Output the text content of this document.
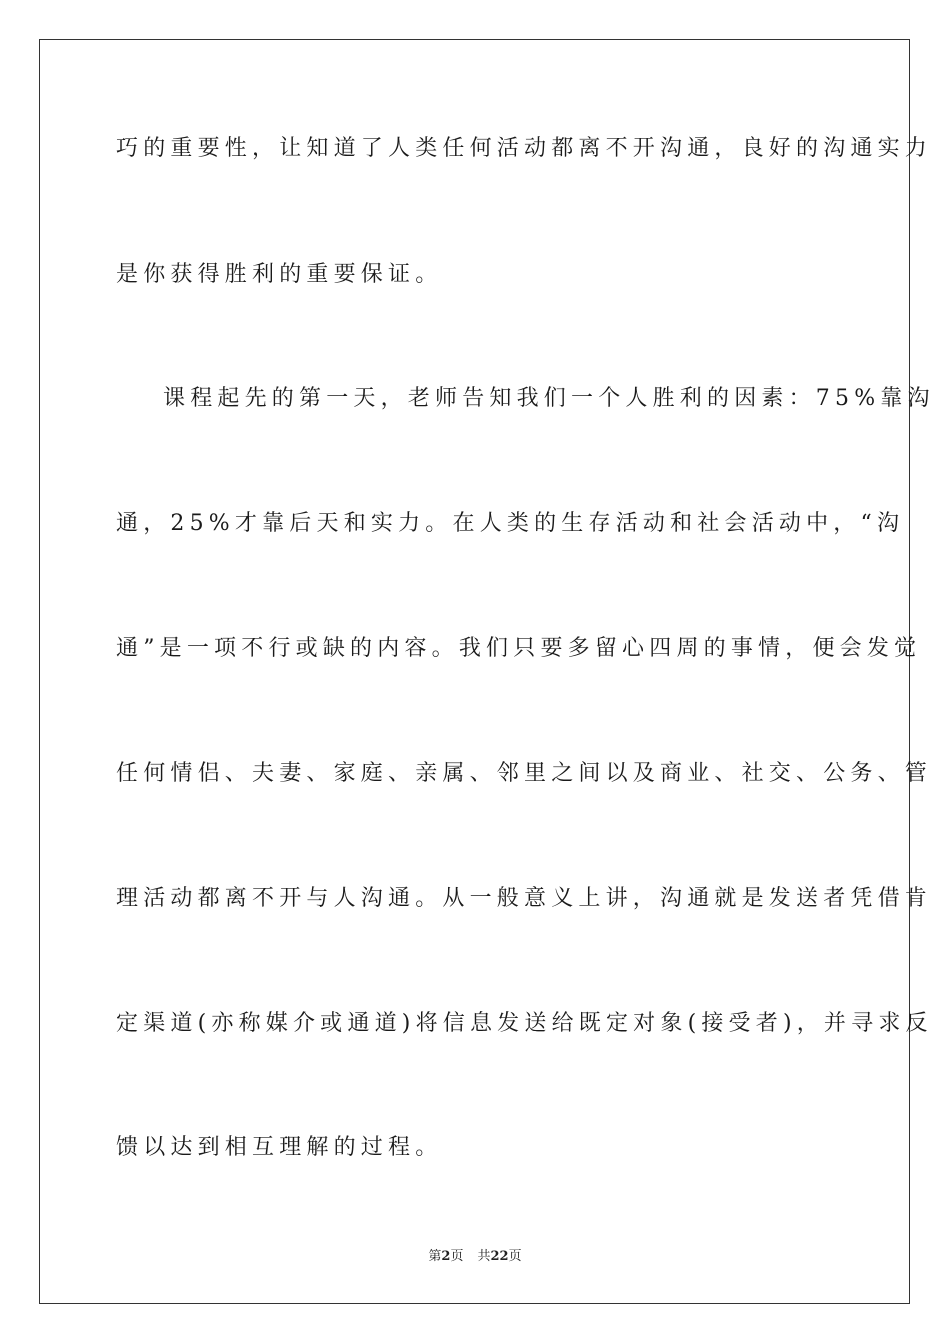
巧的重要性，让知道了人类任何活动都离不开沟通，良好的沟通实力
是你获得胜利的重要保证。
课程起先的第一天，老师告知我们一个人胜利的因素：75%靠沟
通，25%才靠后天和实力。在人类的生存活动和社会活动中，“沟
通”是一项不行或缺的内容。我们只要多留心四周的事情，便会发觉
任何情侣、夫妻、家庭、亲属、邻里之间以及商业、社交、公务、管
理活动都离不开与人沟通。从一般意义上讲，沟通就是发送者凭借肯
定渠道(亦称媒介或通道)将信息发送给既定对象(接受者)，并寻求反
馈以达到相互理解的过程。
第2页 共22页
